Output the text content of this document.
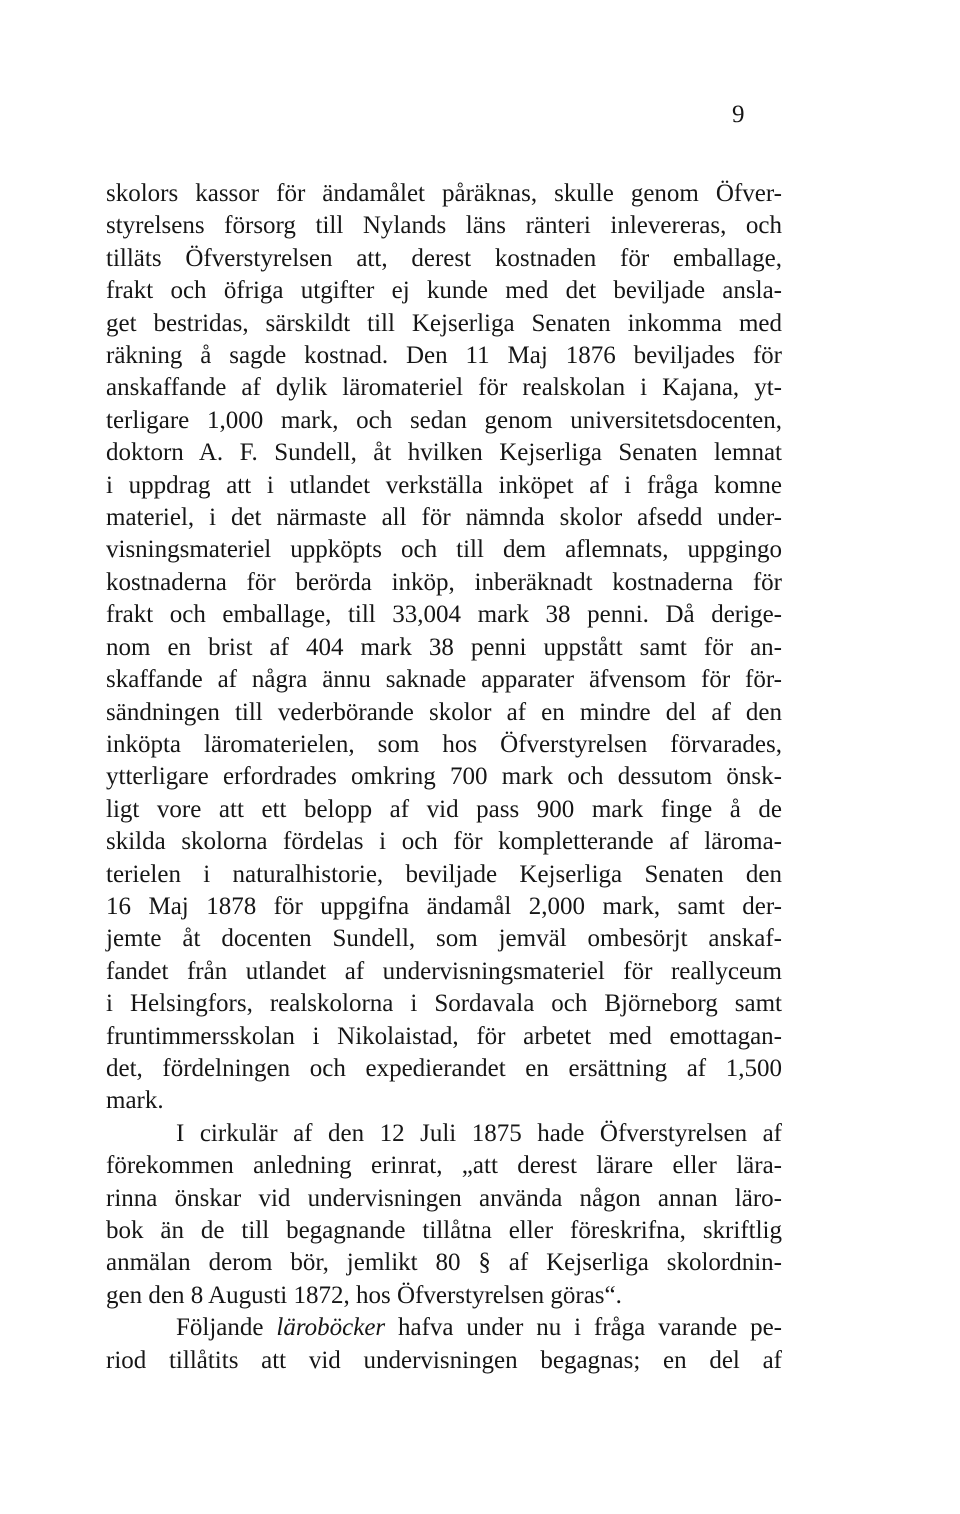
9
skolors kassor för ändamålet påräknas, skulle genom Öfver-
styrelsens försorg till Nylands läns ränteri inlevereras, och
tilläts Öfverstyrelsen att, derest kostnaden för emballage,
frakt och öfriga utgifter ej kunde med det beviljade ansla-
get bestridas, särskildt till Kejserliga Senaten inkomma med
räkning å sagde kostnad. Den 11 Maj 1876 beviljades för
anskaffande af dylik läromateriel för realskolan i Kajana, yt-
terligare 1,000 mark, och sedan genom universitetsdocenten,
doktorn A. F. Sundell, åt hvilken Kejserliga Senaten lemnat
i uppdrag att i utlandet verkställa inköpet af i fråga komne
materiel, i det närmaste all för nämnda skolor afsedd under-
visningsmateriel uppköpts och till dem aflemnats, uppgingo
kostnaderna för berörda inköp, inberäknadt kostnaderna för
frakt och emballage, till 33,004 mark 38 penni. Då derige-
nom en brist af 404 mark 38 penni uppstått samt för an-
skaffande af några ännu saknade apparater äfvensom för för-
sändningen till vederbörande skolor af en mindre del af den
inköpta läromaterielen, som hos Öfverstyrelsen förvarades,
ytterligare erfordrades omkring 700 mark och dessutom önsk-
ligt vore att ett belopp af vid pass 900 mark finge å de
skilda skolorna fördelas i och för kompletterande af läroma-
terielen i naturalhistorie, beviljade Kejserliga Senaten den
16 Maj 1878 för uppgifna ändamål 2,000 mark, samt der-
jemte åt docenten Sundell, som jemväl ombesörjt anskaf-
fandet från utlandet af undervisningsmateriel för reallyceum
i Helsingfors, realskolorna i Sordavala och Björneborg samt
fruntimmersskolan i Nikolaistad, för arbetet med emottagan-
det, fördelningen och expedierandet en ersättning af 1,500
mark.
I cirkulär af den 12 Juli 1875 hade Öfverstyrelsen af
förekommen anledning erinrat, „att derest lärare eller lära-
rinna önskar vid undervisningen använda någon annan läro-
bok än de till begagnande tillåtna eller föreskrifna, skriftlig
anmälan derom bör, jemlikt 80 § af Kejserliga skolordnin-
gen den 8 Augusti 1872, hos Öfverstyrelsen göras“.
Följande läroböcker hafva under nu i fråga varande pe-
riod tillåtits att vid undervisningen begagnas; en del af
